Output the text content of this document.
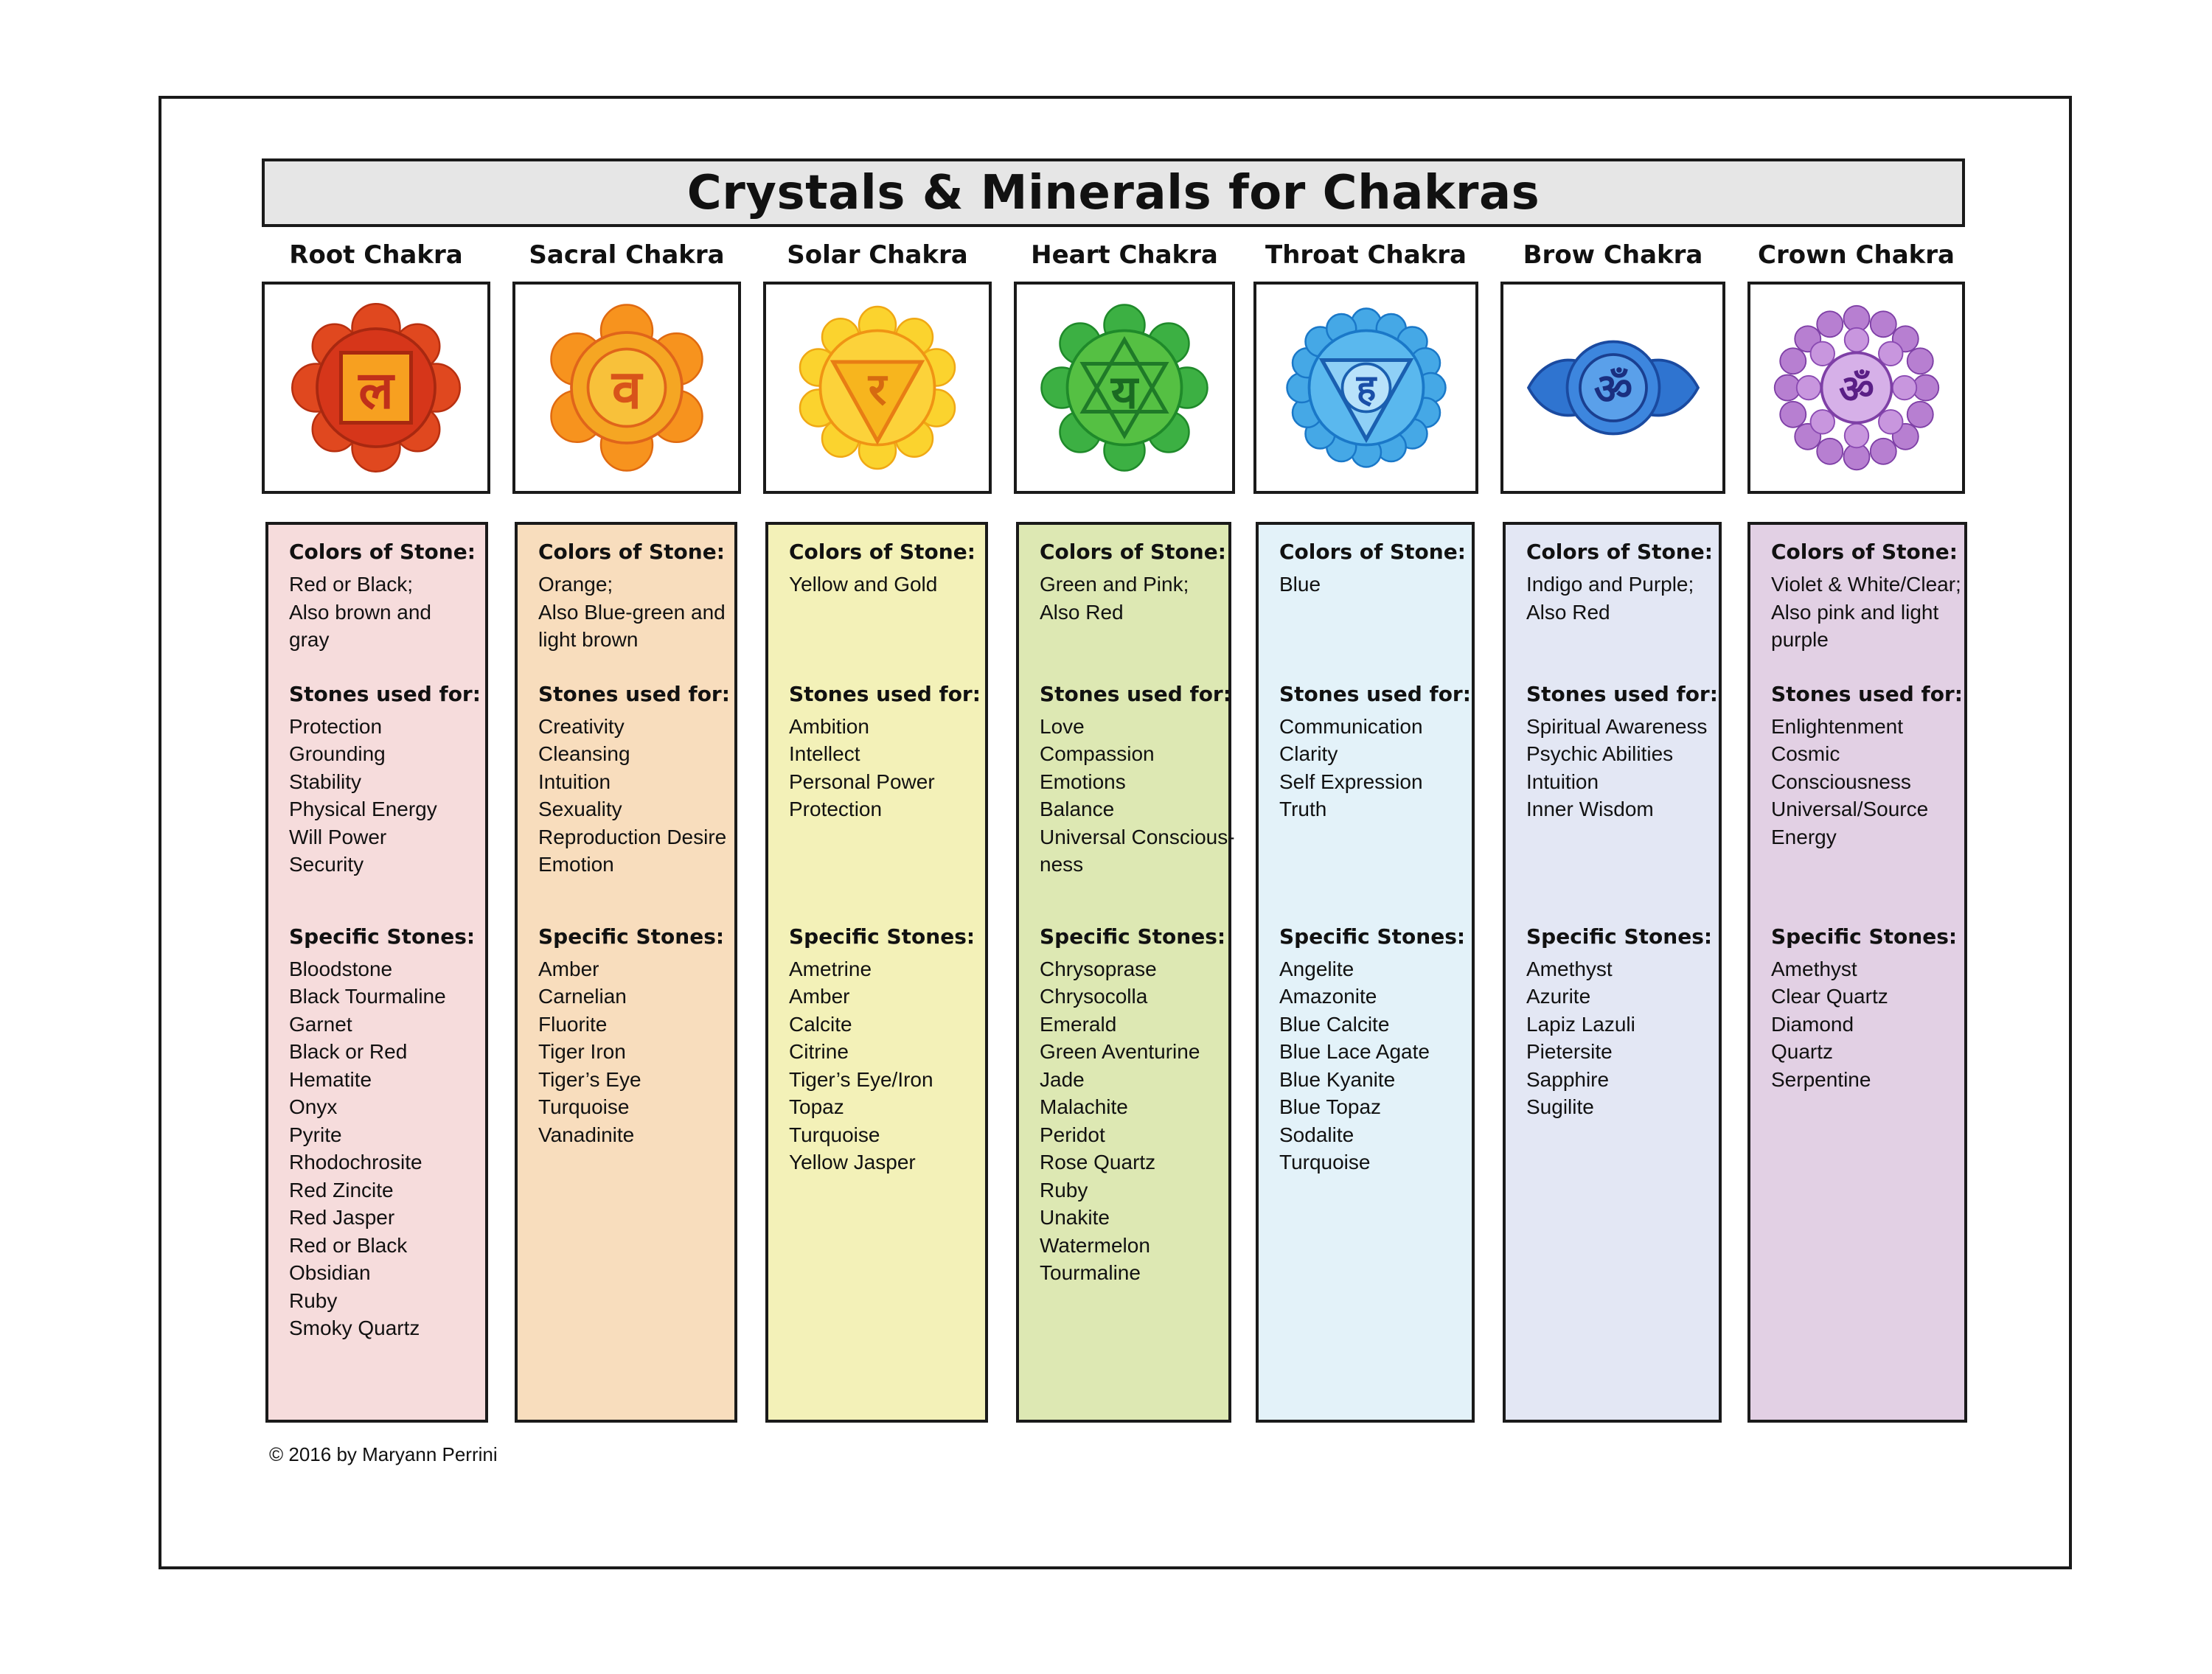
Crystals & Minerals for Chakras
Root Chakra
ल
Colors of Stone:
Red or Black;
Also brown and
gray
Stones used for:
Protection
Grounding
Stability
Physical Energy
Will Power
Security
Specific Stones:
Bloodstone
Black Tourmaline
Garnet
Black or Red
Hematite
Onyx
Pyrite
Rhodochrosite
Red Zincite
Red Jasper
Red or Black
Obsidian
Ruby
Smoky Quartz
Sacral Chakra
व
Colors of Stone:
Orange;
Also Blue-green and
light brown
Stones used for:
Creativity
Cleansing
Intuition
Sexuality
Reproduction Desire
Emotion
Specific Stones:
Amber
Carnelian
Fluorite
Tiger Iron
Tiger’s Eye
Turquoise
Vanadinite
Solar Chakra
र
Colors of Stone:
Yellow and Gold
Stones used for:
Ambition
Intellect
Personal Power
Protection
Specific Stones:
Ametrine
Amber
Calcite
Citrine
Tiger’s Eye/Iron
Topaz
Turquoise
Yellow Jasper
Heart Chakra
य
Colors of Stone:
Green and Pink;
Also Red
Stones used for:
Love
Compassion
Emotions
Balance
Universal Conscious-
ness
Specific Stones:
Chrysoprase
Chrysocolla
Emerald
Green Aventurine
Jade
Malachite
Peridot
Rose Quartz
Ruby
Unakite
Watermelon
Tourmaline
Throat Chakra
ह
Colors of Stone:
Blue
Stones used for:
Communication
Clarity
Self Expression
Truth
Specific Stones:
Angelite
Amazonite
Blue Calcite
Blue Lace Agate
Blue Kyanite
Blue Topaz
Sodalite
Turquoise
Brow Chakra
ॐ
Colors of Stone:
Indigo and Purple;
Also Red
Stones used for:
Spiritual Awareness
Psychic Abilities
Intuition
Inner Wisdom
Specific Stones:
Amethyst
Azurite
Lapiz Lazuli
Pietersite
Sapphire
Sugilite
Crown Chakra
ॐ
Colors of Stone:
Violet & White/Clear;
Also pink and light
purple
Stones used for:
Enlightenment
Cosmic
Consciousness
Universal/Source
Energy
Specific Stones:
Amethyst
Clear Quartz
Diamond
Quartz
Serpentine
© 2016 by Maryann Perrini
